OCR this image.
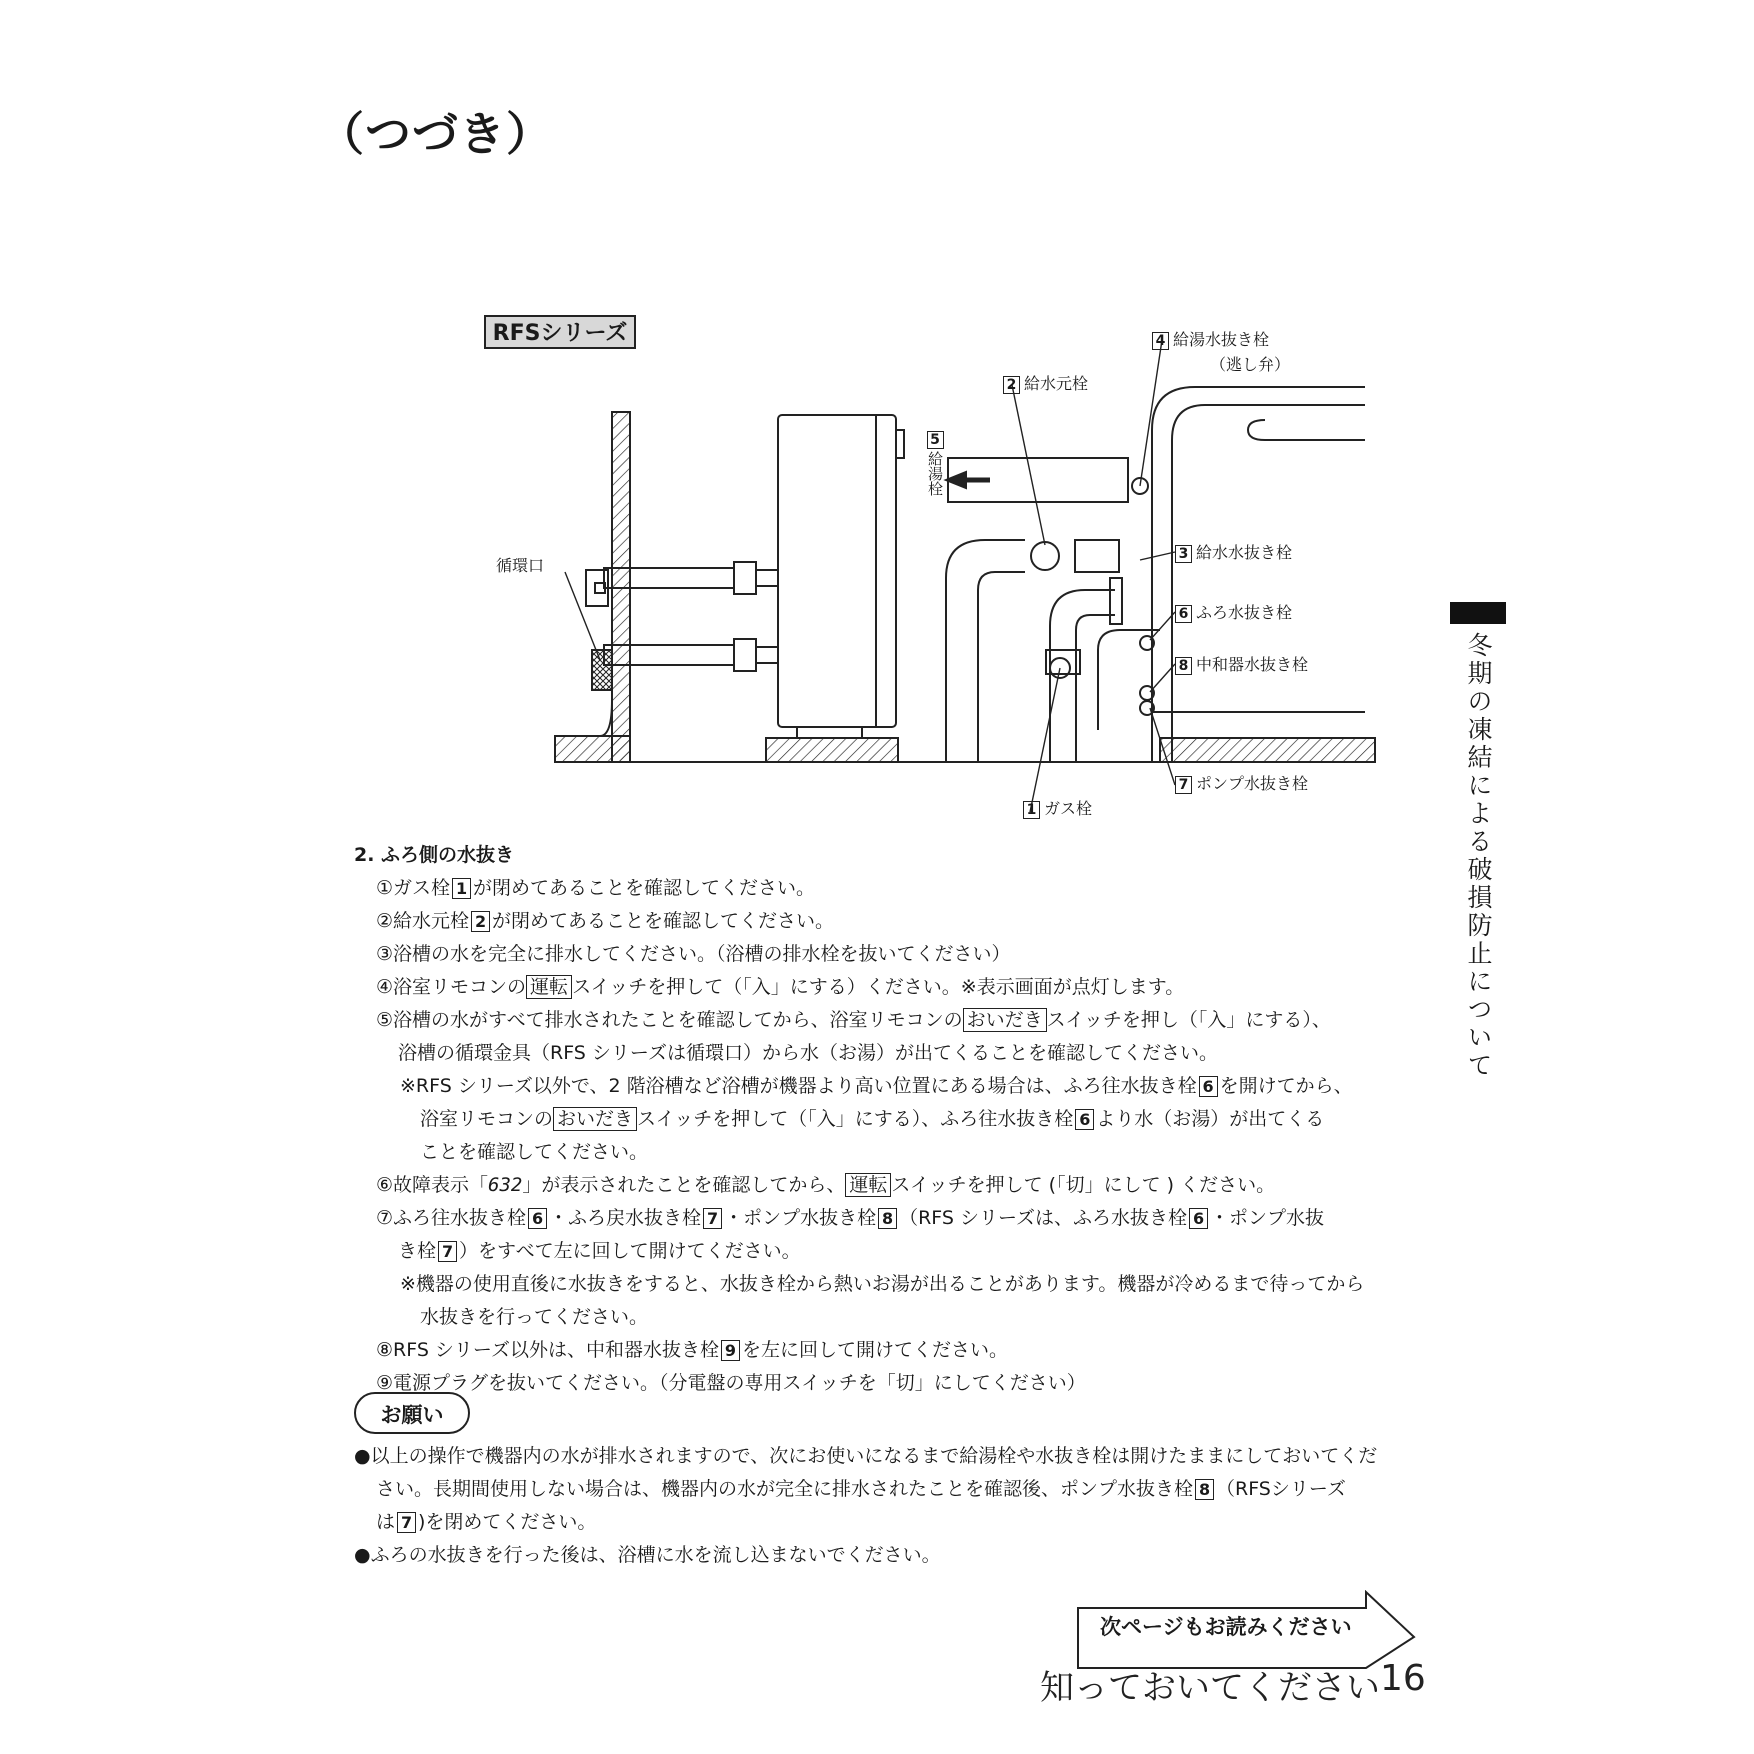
（つづき）
RFSシリーズ	4 給湯水抜き栓
（逃し弁）
2 給水元栓
5
給湯栓
循環口
3 給水水抜き栓
6 ふろ水抜き栓
8 中和器水抜き栓
7 ポンプ水抜き栓
1 ガス栓	冬期の凍結による破損防止について
2. ふろ側の水抜き

①ガス栓 1 が閉めてあることを確認してください。

②給水元栓 2 が閉めてあることを確認してください。

③浴槽の水を完全に排水してください。（浴槽の排水栓を抜いてください）

④浴室リモコンの 運転 スイッチを押して（「入」にする）ください。※表示画面が点灯します。

⑤浴槽の水がすべて排水されたことを確認してから、浴室リモコンの おいだき スイッチを押し（「入」にする）、

浴槽の循環金具（RFS シリーズは循環口）から水（お湯）が出てくることを確認してください。

※RFS シリーズ以外で、2 階浴槽など浴槽が機器より高い位置にある場合は、ふろ往水抜き栓 6 を開けてから、

浴室リモコンの おいだき スイッチを押して（「入」にする）、ふろ往水抜き栓 6 より水（お湯）が出てくる

ことを確認してください。

⑥故障表示「632」が表示されたことを確認してから、 運転 スイッチを押して (「切」にして ) ください。

⑦ふろ往水抜き栓 6 ・ふろ戻水抜き栓 7 ・ポンプ水抜き栓 8 （RFS シリーズは、ふろ水抜き栓 6 ・ポンプ水抜

き栓 7 ）をすべて左に回して開けてください。

※機器の使用直後に水抜きをすると、水抜き栓から熱いお湯が出ることがあります。機器が冷めるまで待ってから

水抜きを行ってください。

⑧RFS シリーズ以外は、中和器水抜き栓 9 を左に回して開けてください。

⑨電源プラグを抜いてください。（分電盤の専用スイッチを「切」にしてください）

お願い

●以上の操作で機器内の水が排水されますので、次にお使いになるまで給湯栓や水抜き栓は開けたままにしておいてくだ

さい。長期間使用しない場合は、機器内の水が完全に排水されたことを確認後、ポンプ水抜き栓 8 （RFSシリーズ

は 7 )を閉めてください。

●ふろの水抜きを行った後は、浴槽に水を流し込まないでください。

次ページもお読みください
知っておいてください 16
